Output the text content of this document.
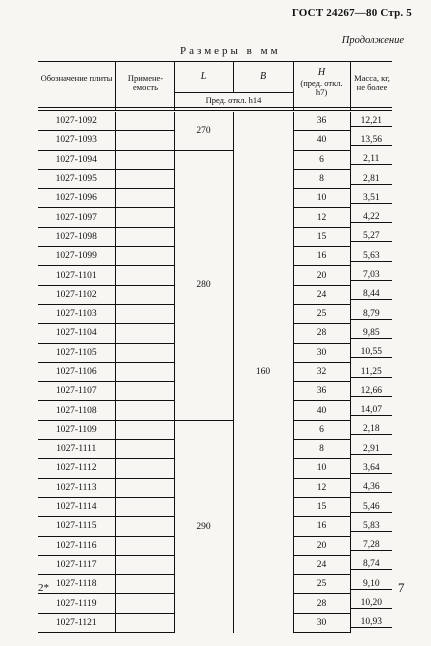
ГОСТ 24267—80 Стр. 5
Продолжение
Размеры в мм
Обозначение плиты	Примене-емость
L	B
Пред. откл. h14
H
(пред. откл. h7)
Масса, кг, не более
1027-1092		270	160	36	12,21
1027-1093				40	13,56
1027-1094		280		6	2,11
1027-1095				8	2,81
1027-1096				10	3,51
1027-1097				12	4,22
1027-1098				15	5,27
1027-1099				16	5,63
1027-1101				20	7,03
1027-1102				24	8,44
1027-1103				25	8,79
1027-1104				28	9,85
1027-1105				30	10,55
1027-1106				32	11,25
1027-1107				36	12,66
1027-1108				40	14,07
1027-1109		290		6	2,18
1027-1111				8	2,91
1027-1112				10	3,64
1027-1113				12	4,36
1027-1114				15	5,46
1027-1115				16	5,83
1027-1116				20	7,28
1027-1117				24	8,74
1027-1118				25	9,10
1027-1119				28	10,20
1027-1121				30	10,93
2*	7
